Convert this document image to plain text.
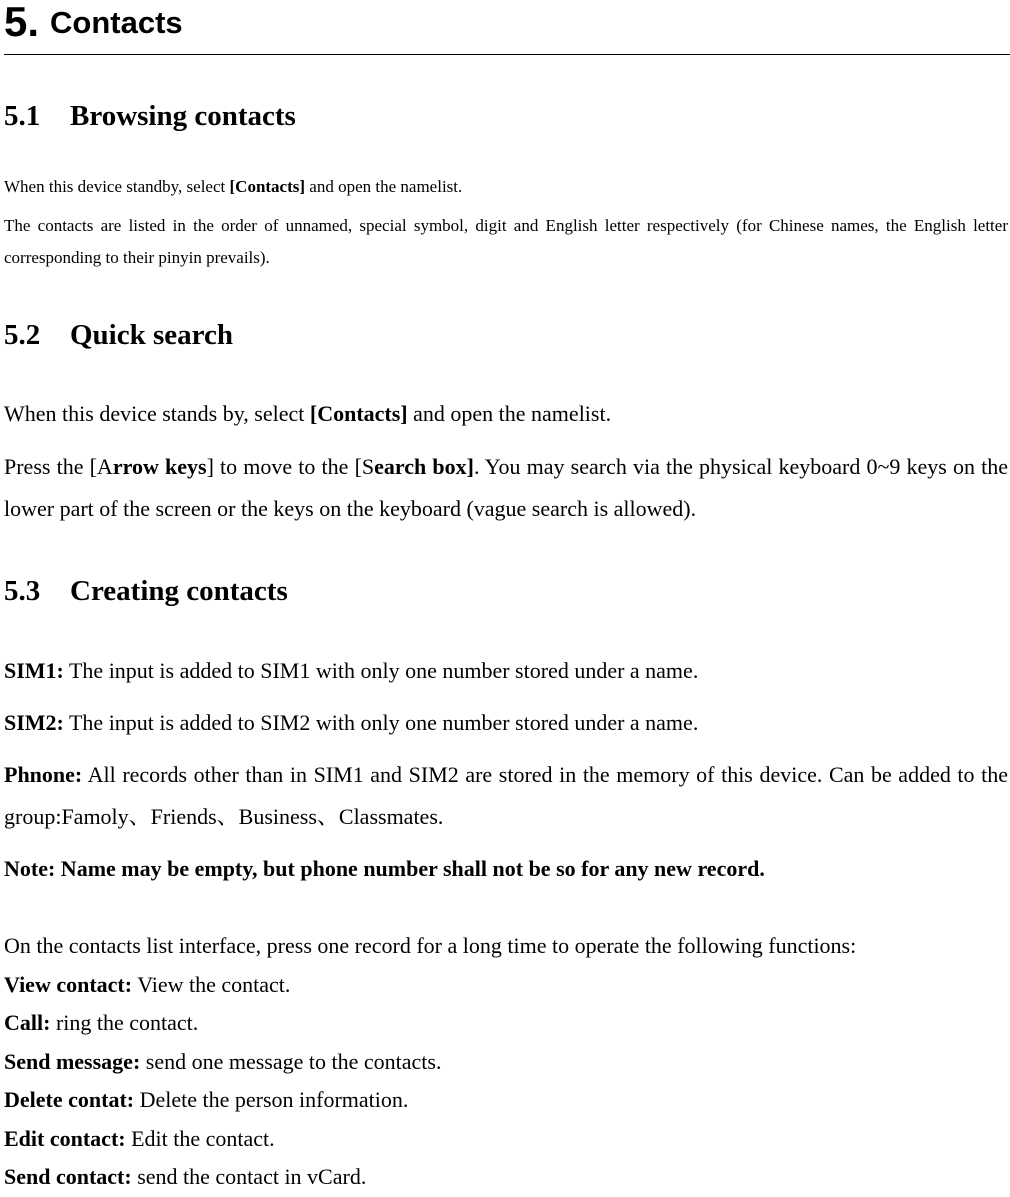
5. Contacts
5.1 Browsing contacts
When this device standby, select [Contacts] and open the namelist.
The contacts are listed in the order of unnamed, special symbol, digit and English letter respectively (for Chinese names, the English letter corresponding to their pinyin prevails).
5.2 Quick search
When this device stands by, select [Contacts] and open the namelist.
Press the [Arrow keys] to move to the [Search box]. You may search via the physical keyboard 0~9 keys on the lower part of the screen or the keys on the keyboard (vague search is allowed).
5.3 Creating contacts
SIM1: The input is added to SIM1 with only one number stored under a name.
SIM2: The input is added to SIM2 with only one number stored under a name.
Phnone: All records other than in SIM1 and SIM2 are stored in the memory of this device. Can be added to the group:Famoly、Friends、Business、Classmates.
Note: Name may be empty, but phone number shall not be so for any new record.
On the contacts list interface, press one record for a long time to operate the following functions:
View contact: View the contact.
Call: ring the contact.
Send message: send one message to the contacts.
Delete contat: Delete the person information.
Edit contact: Edit the contact.
Send contact: send the contact in vCard.
